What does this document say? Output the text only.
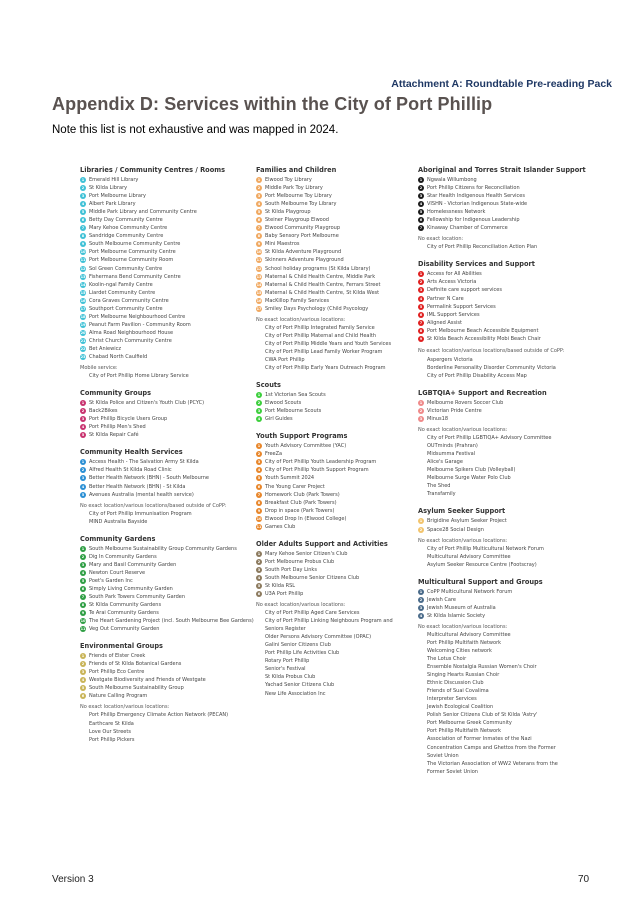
Attachment A: Roundtable Pre-reading Pack
Appendix D: Services within the City of Port Phillip
Note this list is not exhaustive and was mapped in 2024.
Libraries / Community Centres / Rooms
1 Emerald Hill Library
2 St Kilda Library
3 Port Melbourne Library
4 Albert Park Library
5 Middle Park Library and Community Centre
6 Betty Day Community Centre
7 Mary Kehoe Community Centre
8 Sandridge Community Centre
9 South Melbourne Community Centre
10 Port Melbourne Community Centre
11 Port Melbourne Community Room
12 Sol Green Community Centre
13 Fishermans Bend Community Centre
14 Koolin-ngal Family Centre
15 Liardet Community Centre
16 Cora Graves Community Centre
17 Southport Community Centre
18 Port Melbourne Neighbourhood Centre
19 Peanut Farm Pavilion - Community Room
20 Alma Road Neighbourhood House
21 Christ Church Community Centre
22 Bet Aniewicz
23 Chabad North Caulfield
Mobile service:
City of Port Phillip Home Library Service
Community Groups
1 St Kilda Police and Citizen's Youth Club (PCYC)
2 Back2Bikes
3 Port Phillip Bicycle Users Group
4 Port Phillip Men's Shed
5 St Kilda Repair Café
Community Health Services
1 Access Health - The Salvation Army St Kilda
2 Alfred Health St Kilda Road Clinic
3 Better Health Network (BHN) - South Melbourne
4 Better Health Network (BHN) - St Kilda
5 Avenues Australia (mental health service)
No exact location/various locations/based outside of CoPP:
City of Port Phillip Immunisation Program
MIND Australia Bayside
Community Gardens
1 South Melbourne Sustainability Group Community Gardens
2 Dig In Community Gardens
3 Mary and Basil Community Garden
4 Newton Court Reserve
5 Poet's Garden Inc
6 Simply Living Community Garden
7 South Park Towers Community Garden
8 St Kilda Community Gardens
9 Te Arai Community Gardens
10 The Heart Gardening Project (incl. South Melbourne Bee Gardens)
11 Veg Out Community Garden
Environmental Groups
1 Friends of Elster Creek
2 Friends of St Kilda Botanical Gardens
3 Port Phillip Eco Centre
4 Westgate Biodiversity and Friends of Westgate
5 South Melbourne Sustainability Group
6 Nature Calling Program
No exact location/various locations:
Port Phillip Emergency Climate Action Network (PECAN)
Earthcare St Kilda
Love Our Streets
Port Phillip Pickers
Families and Children
1 Elwood Toy Library
2 Middle Park Toy Library
3 Port Melbourne Toy Library
4 South Melbourne Toy Library
5 St Kilda Playgroup
6 Steiner Playgroup Elwood
7 Elwood Community Playgroup
8 Baby Sensory Port Melbourne
9 Mini Maestros
10 St Kilda Adventure Playground
11 Skinners Adventure Playground
12 School holiday programs (St Kilda Library)
13 Maternal & Child Health Centre, Middle Park
14 Maternal & Child Health Centre, Ferrars Street
15 Maternal & Child Health Centre, St Kilda West
16 MacKillop Family Services
17 Smiley Days Psychology (Child Psycology
No exact location/various locations:
City of Port Phillip Integrated Family Service
City of Port Phillip Maternal and Child Health
City of Port Phillip Middle Years and Youth Services
City of Port Phillip Lead Family Worker Program
CWA Port Phillip
City of Port Phillip Early Years Outreach Program
Scouts
1 1st Victorian Sea Scouts
2 Elwood Scouts
3 Port Melbourne Scouts
4 Girl Guides
Youth Support Programs
1 Youth Advisory Committee (YAC)
2 FreeZa
3 City of Port Phillip Youth Leadership Program
4 City of Port Phillip Youth Support Program
5 Youth Summit 2024
6 The Young Carer Project
7 Homework Club (Park Towers)
8 Breakfast Club (Park Towers)
9 Drop in space (Park Towers)
10 Elwood Drop In (Elwood College)
11 Games Club
Older Adults Support and Activities
1 Mary Kehoe Senior Citizen's Club
2 Port Melbourne Probus Club
3 South Port Day Links
4 South Melbourne Senior Citizens Club
5 St Kilda RSL
6 U3A Port Phillip
No exact location/various locations:
City of Port Phillip Aged Care Services
City of Port Phillip Linking Neighbours Program and
Seniors Register
Older Persons Advisory Committee (OPAC)
Galini Senior Citizens Club
Port Phillip Life Activities Club
Rotary Port Phillip
Senior's Festival
St Kilda Probus Club
Yachad Senior Citizens Club
New Life Association Inc
Aboriginal and Torres Strait Islander Support
1 Ngwala Willumbong
2 Port Phillip Citizens for Reconciliation
3 Star Health Indigenous Health Services
4 VISHN - Victorian Indigenous State-wide
5 Homelessness Network
6 Fellowship for Indigenous Leadership
7 Kinaway Chamber of Commerce
No exact location:
City of Port Phillip Reconciliation Action Plan
Disability Services and Support
1 Access for All Abilities
2 Arts Access Victoria
3 Definite care support services
4 Partner N Care
5 Permalink Support Services
6 IML Support Services
7 Aligned Assist
8 Port Melbourne Beach Accessible Equipment
9 St Kilda Beach Accessibility Mobi Beach Chair
No exact location/various locations/based outside of CoPP:
Aspergers Victoria
Borderline Personality Disorder Community Victoria
City of Port Phillip Disability Access Map
LGBTQIA+ Support and Recreation
1 Melbourne Rovers Soccer Club
2 Victorian Pride Centre
3 Minus18
No exact location/various locations:
City of Port Phillip LGBTIQA+ Advisory Committee
OUTminds (Prahran)
Midsumma Festival
Alice's Garage
Melbourne Spikers Club (Volleyball)
Melbourne Surge Water Polo Club
The Shed
Transfamily
Asylum Seeker Support
1 Brigidine Asylum Seeker Project
2 Space28 Social Design
No exact location/various locations:
City of Port Phillip Multicultural Network Forum
Multicultural Advisory Committee
Asylum Seeker Resource Centre (Footscray)
Multicultural Support and Groups
1 CoPP Multicultural Network Forum
2 Jewish Care
3 Jewish Museum of Australia
4 St Kilda Islamic Society
No exact location/various locations:
Multicultural Advisory Committee
Port Phillip Multifaith Network
Welcoming Cities network
The Lotus Choir
Ensemble Nostalgia Russian Women's Choir
Singing Hearts Russian Choir
Ethnic Discussion Club
Friends of Suai Covalima
Interpreter Services
Jewish Ecological Coalition
Polish Senior Citizens Club of St Kilda 'Astry'
Port Melbourne Greek Community
Port Phillip Multifaith Network
Association of Former Inmates of the Nazi
Concentration Camps and Ghettos from the Former
Soviet Union
The Victorian Association of WW2 Veterans from the
Former Soviet Union
Version 3	70
